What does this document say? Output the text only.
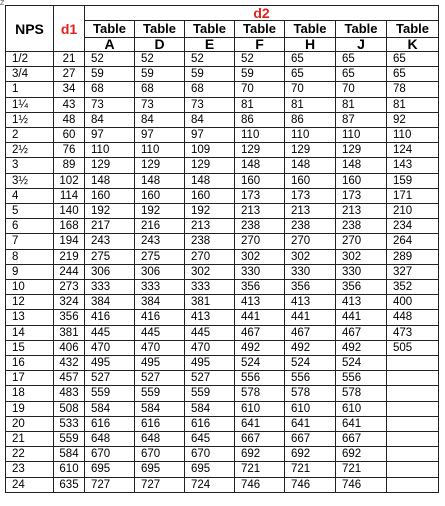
Z
NPS	d1	d2						
		Table	Table	Table	Table	Table	Table	Table
		A	D	E	F	H	J	K
1/2	21	52	52	52	52	65	65	65
3/4	27	59	59	59	59	65	65	65
1	34	68	68	68	70	70	70	78
1¼	43	73	73	73	81	81	81	81
1½	48	84	84	84	86	86	87	92
2	60	97	97	97	110	110	110	110
2½	76	110	110	109	129	129	129	124
3	89	129	129	129	148	148	148	143
3½	102	148	148	148	160	160	160	159
4	114	160	160	160	173	173	173	171
5	140	192	192	192	213	213	213	210
6	168	217	216	213	238	238	238	234
7	194	243	243	238	270	270	270	264
8	219	275	275	270	302	302	302	289
9	244	306	306	302	330	330	330	327
10	273	333	333	333	356	356	356	352
12	324	384	384	381	413	413	413	400
13	356	416	416	413	441	441	441	448
14	381	445	445	445	467	467	467	473
15	406	470	470	470	492	492	492	505
16	432	495	495	495	524	524	524	
17	457	527	527	527	556	556	556	
18	483	559	559	559	578	578	578	
19	508	584	584	584	610	610	610	
20	533	616	616	616	641	641	641	
21	559	648	648	645	667	667	667	
22	584	670	670	670	692	692	692	
23	610	695	695	695	721	721	721	
24	635	727	727	724	746	746	746	
